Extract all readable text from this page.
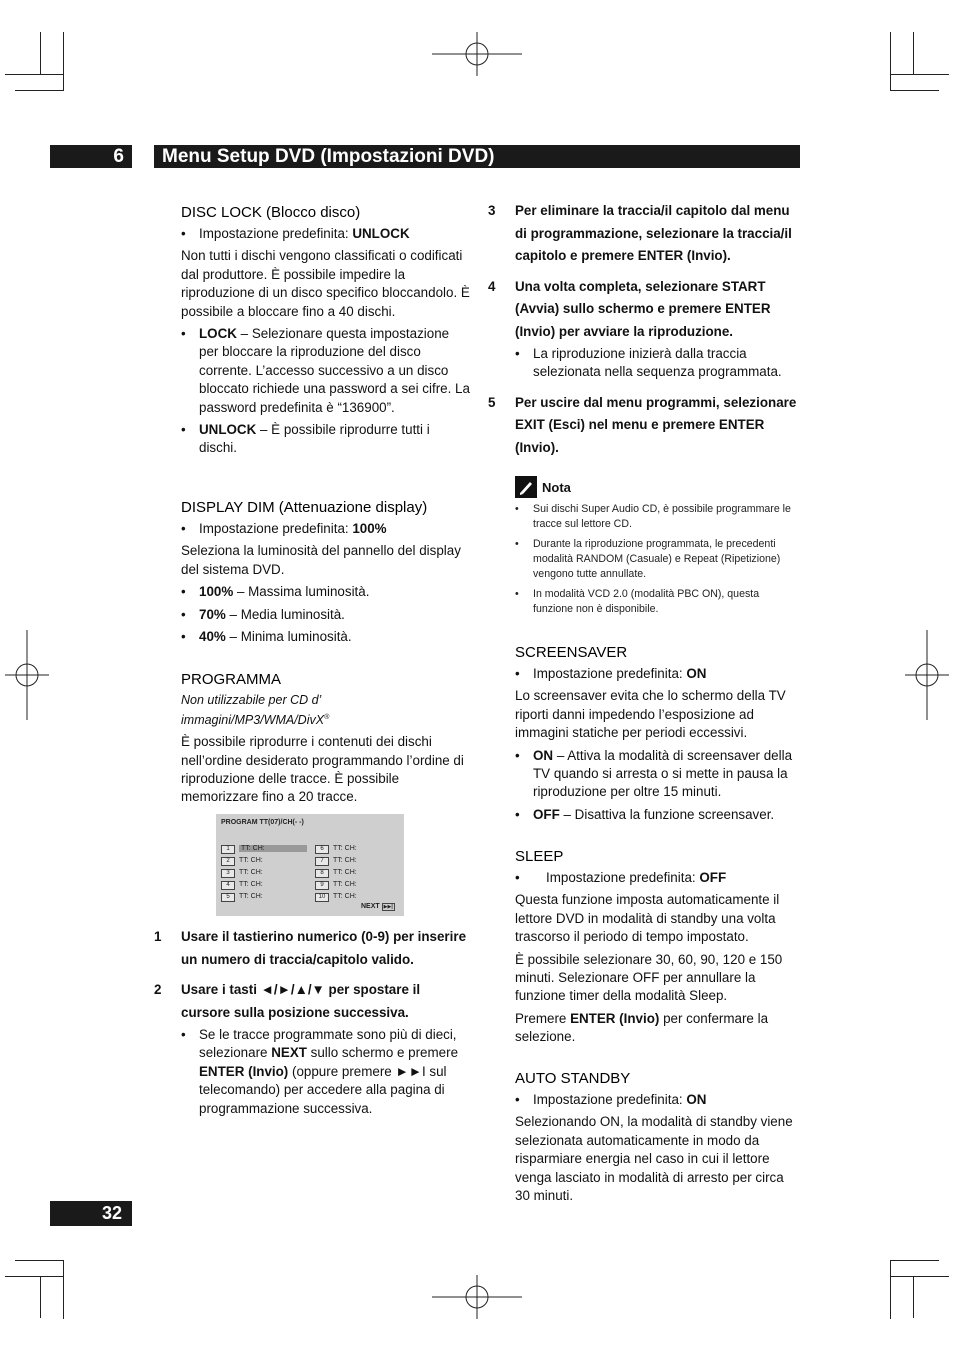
6	Menu Setup DVD (Impostazioni DVD)
DISC LOCK (Blocco disco)
• Impostazione predefinita: UNLOCK

Non tutti i dischi vengono classificati o codificati dal produttore. È possibile impedire la riproduzione di un disco specifico bloccandolo. È possibile a bloccare fino a 40 dischi.

• LOCK – Selezionare questa impostazione per bloccare la riproduzione del disco corrente. L’accesso successivo a un disco bloccato richiede una password a sei cifre. La password predefinita è “136900”.
• UNLOCK – È possibile riprodurre tutti i dischi.
DISPLAY DIM (Attenuazione display)
• Impostazione predefinita: 100%

Seleziona la luminosità del pannello del display del sistema DVD.

• 100% – Massima luminosità.
• 70% – Media luminosità.
• 40% – Minima luminosità.
PROGRAMMA

Non utilizzabile per CD d’ immagini/MP3/WMA/DivX®

È possibile riprodurre i contenuti dei dischi nell’ordine desiderato programmando l’ordine di riproduzione delle tracce. È possibile memorizzare fino a 20 tracce.

PROGRAM TT(07)/CH(- -)
1 TT: CH:
2 TT: CH:
3 TT: CH:
4 TT: CH:
5 TT: CH:
6 TT: CH:
7 TT: CH:
8 TT: CH:
9 TT: CH:
10 TT: CH:
NEXT ▶▶|
1	Usare il tastierino numerico (0-9) per inserire un numero di traccia/capitolo valido.
2	Usare i tasti ◄/►/▲/▼ per spostare il cursore sulla posizione successiva.
• Se le tracce programmate sono più di dieci, selezionare NEXT sullo schermo e premere ENTER (Invio) (oppure premere ►►I sul telecomando) per accedere alla pagina di programmazione successiva.
32
3	Per eliminare la traccia/il capitolo dal menu di programmazione, selezionare la traccia/il capitolo e premere ENTER (Invio).
4	Una volta completa, selezionare START (Avvia) sullo schermo e premere ENTER (Invio) per avviare la riproduzione.
• La riproduzione inizierà dalla traccia selezionata nella sequenza programmata.
5	Per uscire dal menu programmi, selezionare EXIT (Esci) nel menu e premere ENTER (Invio).
Nota
• Sui dischi Super Audio CD, è possibile programmare le tracce sul lettore CD.
• Durante la riproduzione programmata, le precedenti modalità RANDOM (Casuale) e Repeat (Ripetizione) vengono tutte annullate.
• In modalità VCD 2.0 (modalità PBC ON), questa funzione non è disponibile.
SCREENSAVER
• Impostazione predefinita: ON

Lo screensaver evita che lo schermo della TV riporti danni impedendo l’esposizione ad immagini statiche per periodi eccessivi.

• ON – Attiva la modalità di screensaver della TV quando si arresta o si mette in pausa la riproduzione per oltre 15 minuti.
• OFF – Disattiva la funzione screensaver.
SLEEP
• Impostazione predefinita: OFF

Questa funzione imposta automaticamente il lettore DVD in modalità di standby una volta trascorso il periodo di tempo impostato.

È possibile selezionare 30, 60, 90, 120 e 150 minuti. Selezionare OFF per annullare la funzione timer della modalità Sleep.

Premere ENTER (Invio) per confermare la selezione.

AUTO STANDBY
• Impostazione predefinita: ON

Selezionando ON, la modalità di standby viene selezionata automaticamente in modo da risparmiare energia nel caso in cui il lettore venga lasciato in modalità di arresto per circa 30 minuti.
